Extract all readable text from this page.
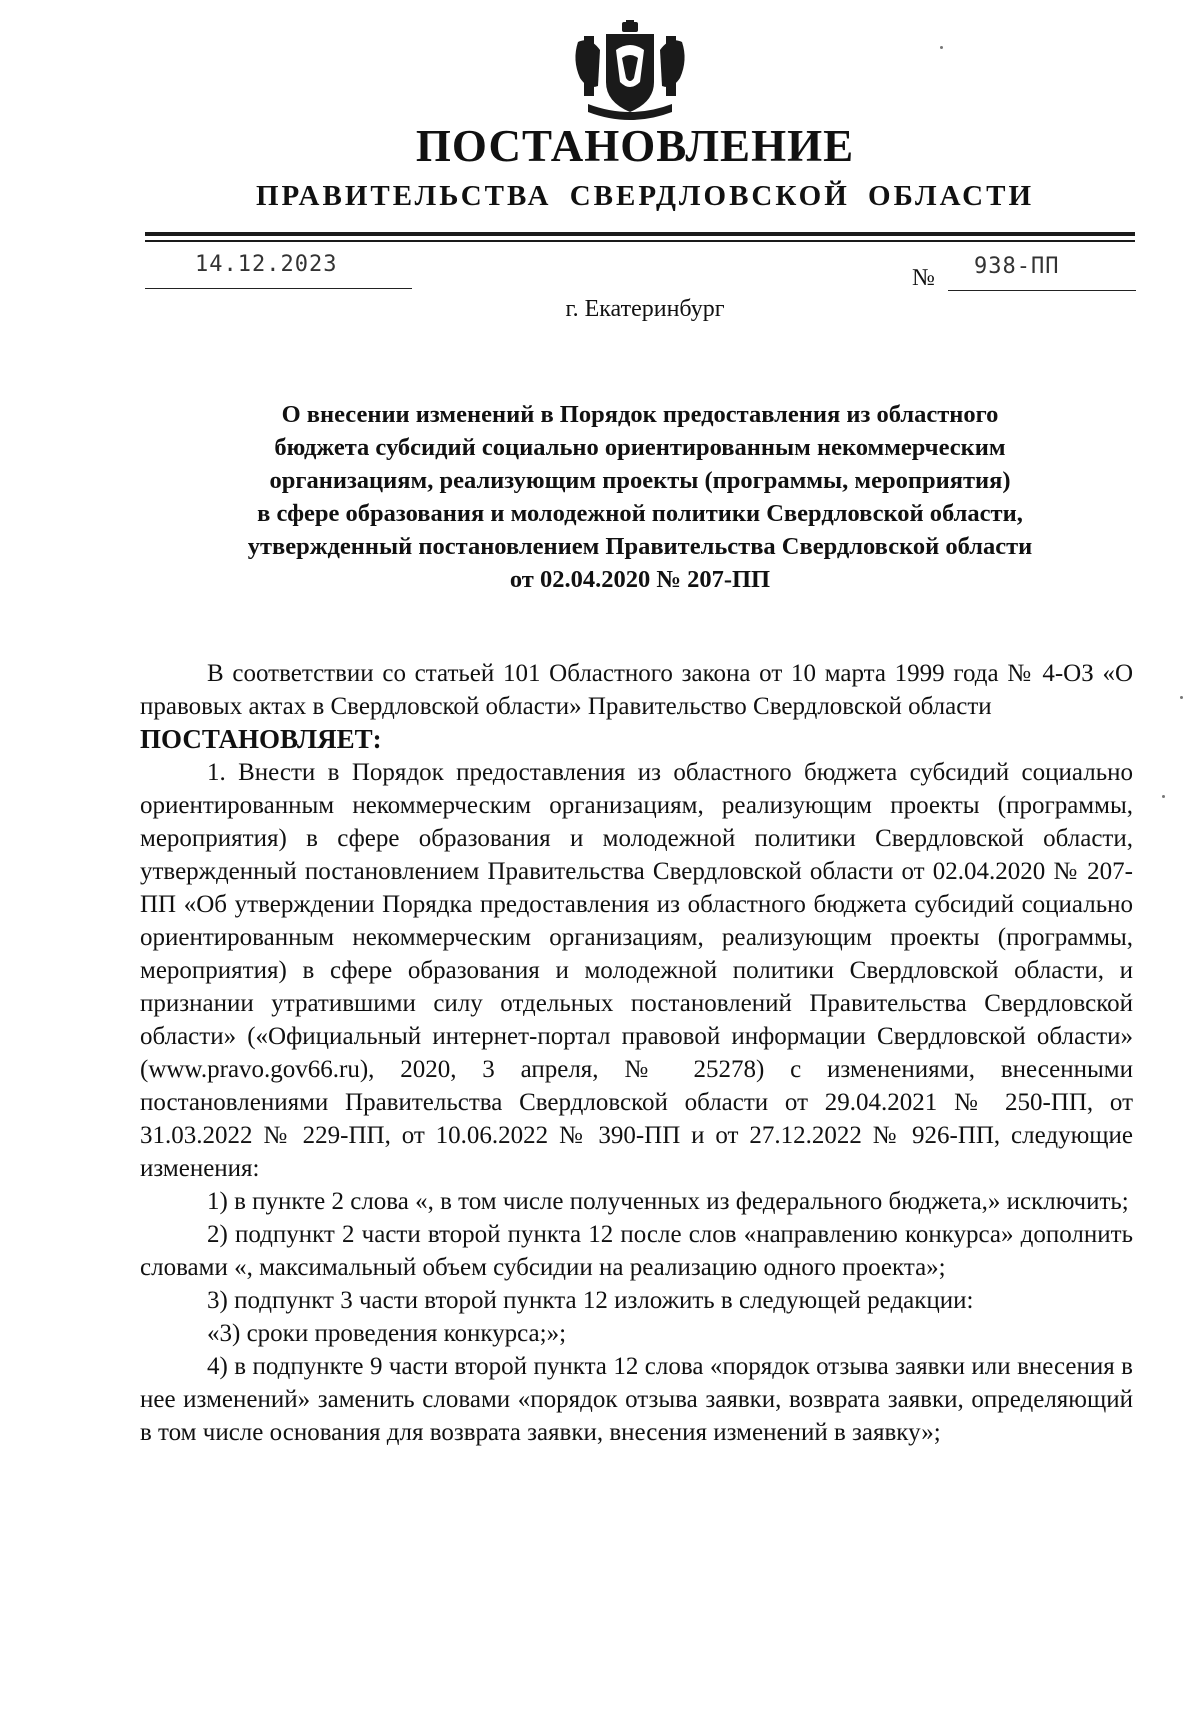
ПОСТАНОВЛЕНИЕ
ПРАВИТЕЛЬСТВА СВЕРДЛОВСКОЙ ОБЛАСТИ
14.12.2023
№ 938-ПП
г. Екатеринбург
О внесении изменений в Порядок предоставления из областного
бюджета субсидий социально ориентированным некоммерческим
организациям, реализующим проекты (программы, мероприятия)
в сфере образования и молодежной политики Свердловской области,
утвержденный постановлением Правительства Свердловской области
от 02.04.2020 № 207-ПП

В соответствии со статьей 101 Областного закона от 10 марта 1999 года № 4-ОЗ «О правовых актах в Свердловской области» Правительство Свердловской области

ПОСТАНОВЛЯЕТ:

1. Внести в Порядок предоставления из областного бюджета субсидий социально ориентированным некоммерческим организациям, реализующим проекты (программы, мероприятия) в сфере образования и молодежной политики Свердловской области, утвержденный постановлением Правительства Свердловской области от 02.04.2020 № 207-ПП «Об утверждении Порядка предоставления из областного бюджета субсидий социально ориентированным некоммерческим организациям, реализующим проекты (программы, мероприятия) в сфере образования и молодежной политики Свердловской области, и признании утратившими силу отдельных постановлений Правительства Свердловской области» («Официальный интернет-портал правовой информации Свердловской области» (www.pravo.gov66.ru), 2020, 3 апреля, № 25278) с изменениями, внесенными постановлениями Правительства Свердловской области от 29.04.2021 № 250-ПП, от 31.03.2022 № 229-ПП, от 10.06.2022 № 390-ПП и от 27.12.2022 № 926-ПП, следующие изменения:

1) в пункте 2 слова «, в том числе полученных из федерального бюджета,» исключить;

2) подпункт 2 части второй пункта 12 после слов «направлению конкурса» дополнить словами «, максимальный объем субсидии на реализацию одного проекта»;

3) подпункт 3 части второй пункта 12 изложить в следующей редакции:

«3) сроки проведения конкурса;»;

4) в подпункте 9 части второй пункта 12 слова «порядок отзыва заявки или внесения в нее изменений» заменить словами «порядок отзыва заявки, возврата заявки, определяющий в том числе основания для возврата заявки, внесения изменений в заявку»;
